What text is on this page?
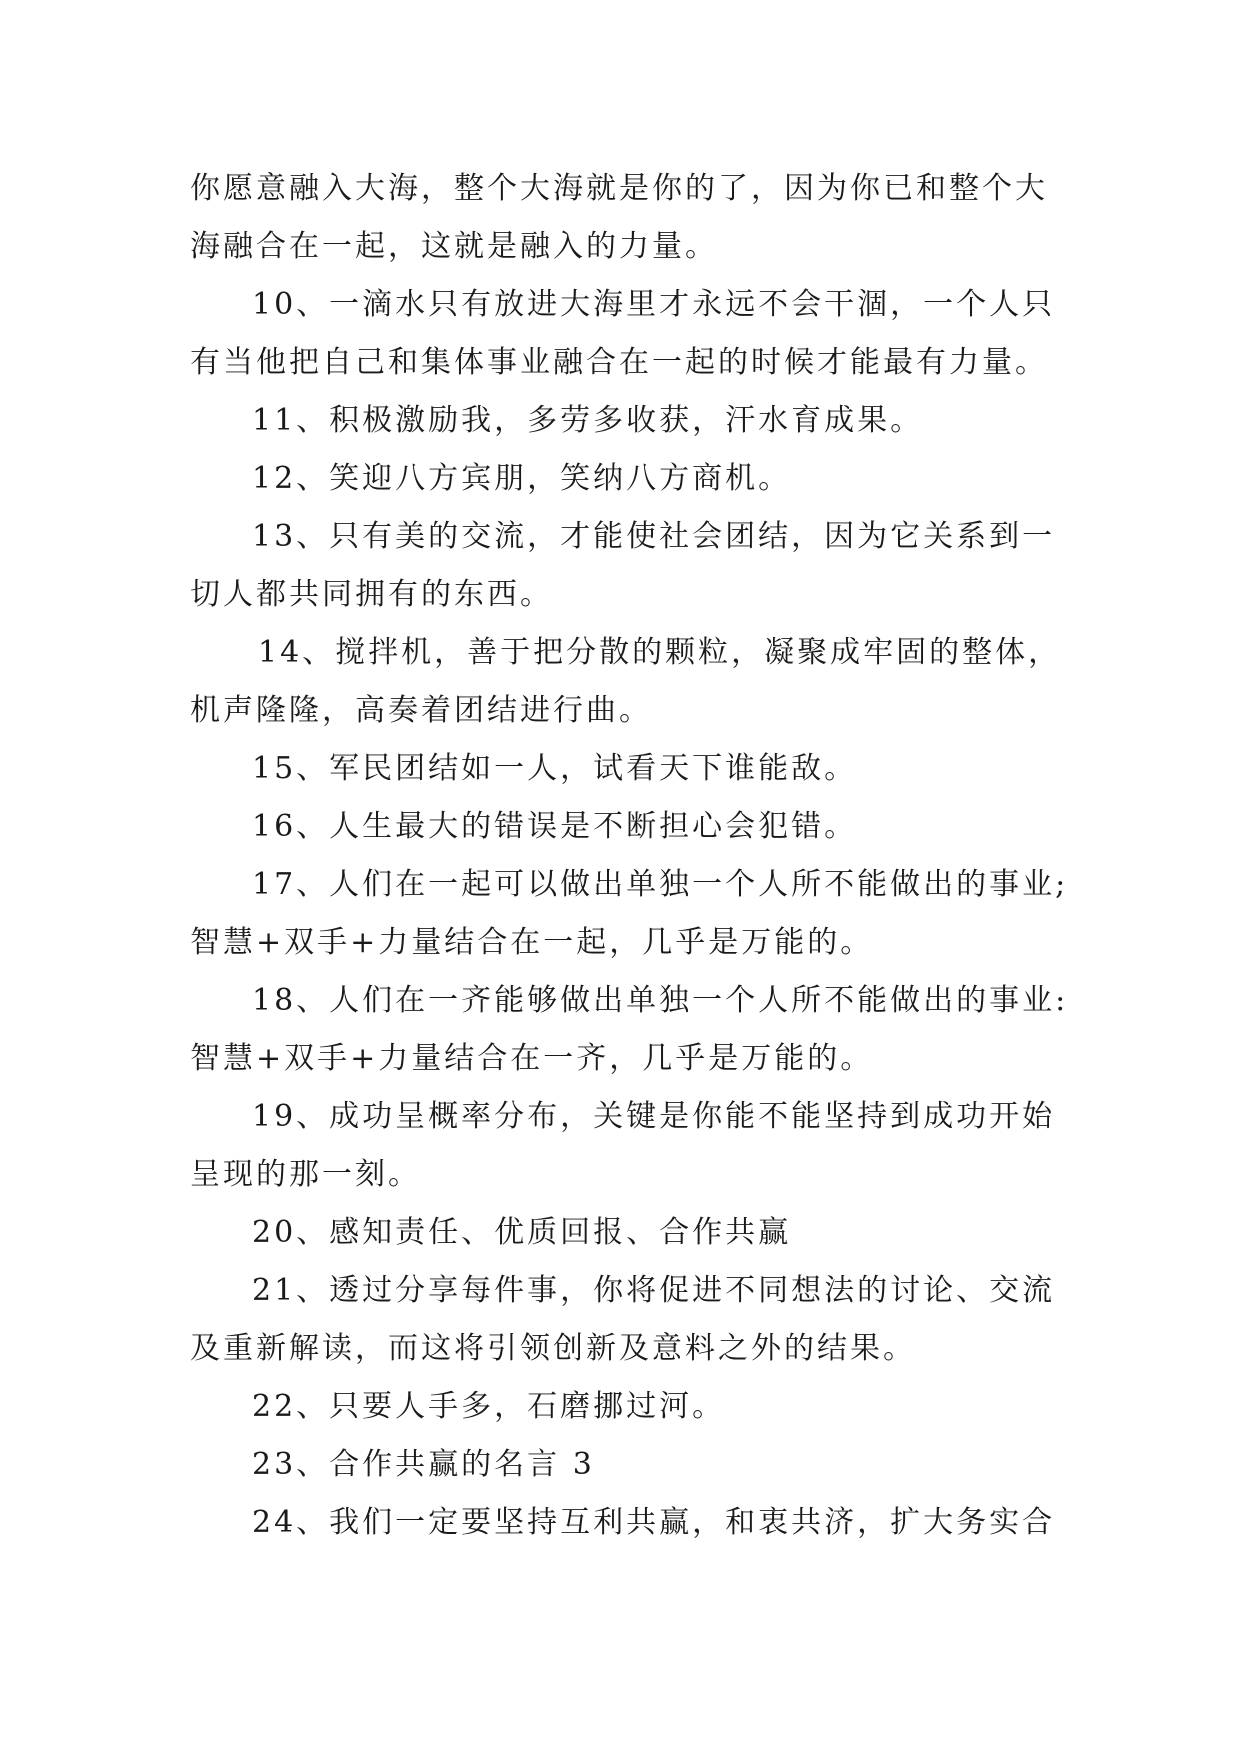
你愿意融入大海，整个大海就是你的了，因为你已和整个大

海融合在一起，这就是融入的力量。

10、一滴水只有放进大海里才永远不会干涸，一个人只

有当他把自己和集体事业融合在一起的时候才能最有力量。

11、积极激励我，多劳多收获，汗水育成果。

12、笑迎八方宾朋，笑纳八方商机。

13、只有美的交流，才能使社会团结，因为它关系到一

切人都共同拥有的东西。

14、搅拌机，善于把分散的颗粒，凝聚成牢固的整体，

机声隆隆，高奏着团结进行曲。

15、军民团结如一人，试看天下谁能敌。

16、人生最大的错误是不断担心会犯错。

17、人们在一起可以做出单独一个人所不能做出的事业;

智慧+双手+力量结合在一起，几乎是万能的。

18、人们在一齐能够做出单独一个人所不能做出的事业:

智慧+双手+力量结合在一齐，几乎是万能的。

19、成功呈概率分布，关键是你能不能坚持到成功开始

呈现的那一刻。

20、感知责任、优质回报、合作共赢

21、透过分享每件事，你将促进不同想法的讨论、交流

及重新解读，而这将引领创新及意料之外的结果。

22、只要人手多，石磨挪过河。

23、合作共赢的名言 3

24、我们一定要坚持互利共赢，和衷共济，扩大务实合
